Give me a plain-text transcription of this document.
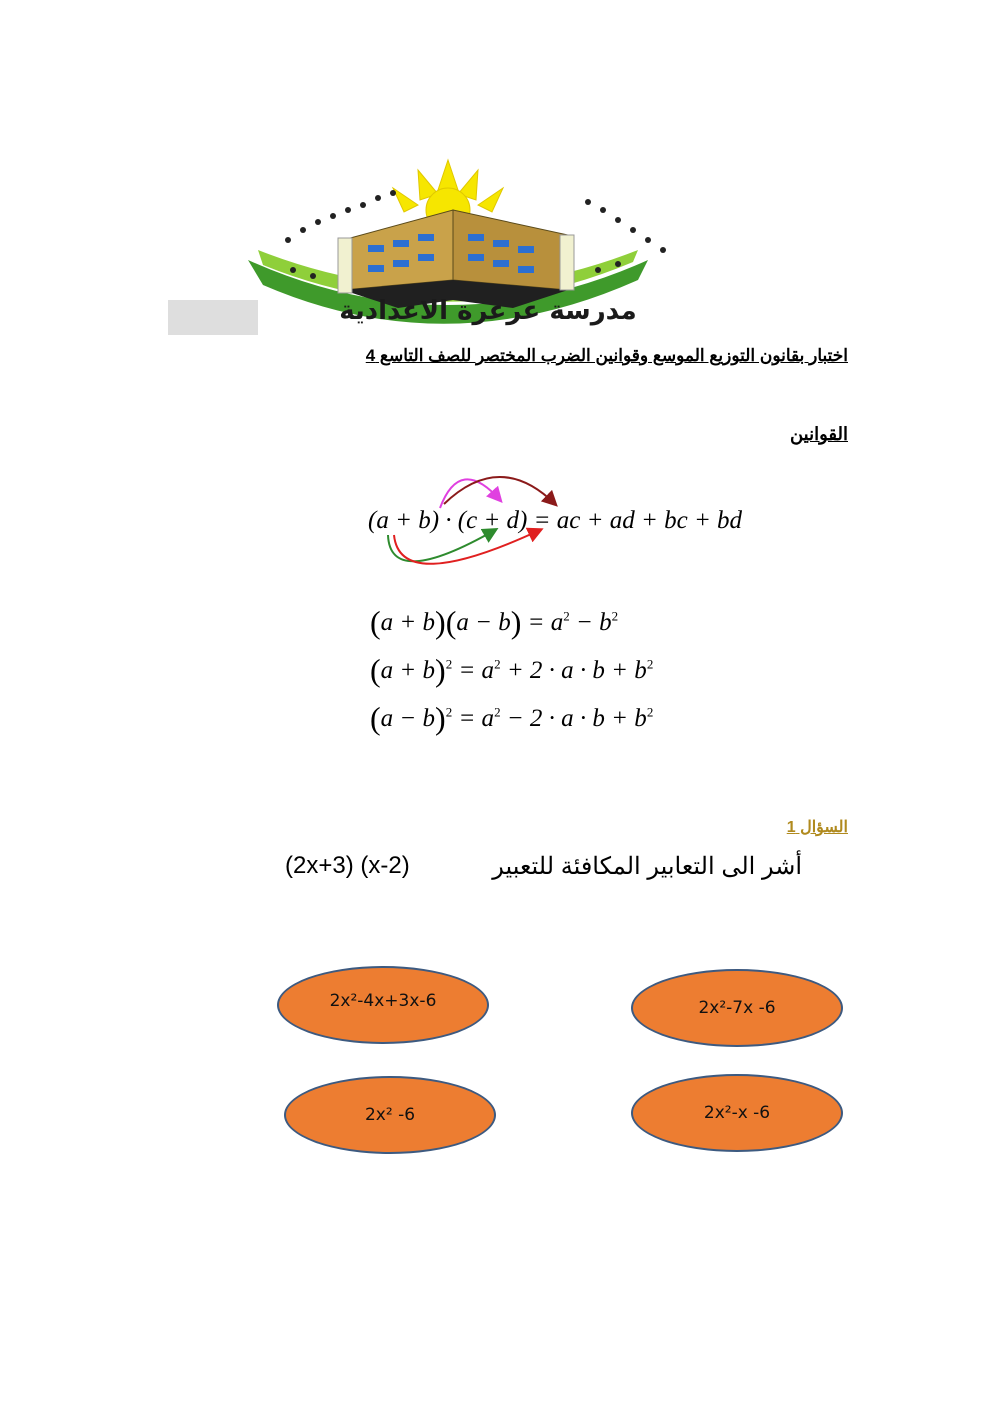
مدرسة عرعرة الاعدادية
اختبار بقانون التوزيع الموسع وقوانين الضرب المختصر للصف التاسع 4
القوانين
(a + b) · (c + d) = ac + ad + bc + bd
$(a + b)(a - b) = a^2 - b^2$
$(a + b)^2 = a^2 + 2 \cdot a \cdot b + b^2$
$(a - b)^2 = a^2 - 2 \cdot a \cdot b + b^2$
السؤال 1
أشر الى التعابير المكافئة للتعبير
(2x+3) (x-2)
2x²-4x+3x-6	2x²-7x -6
2x² -6	2x²-x -6
